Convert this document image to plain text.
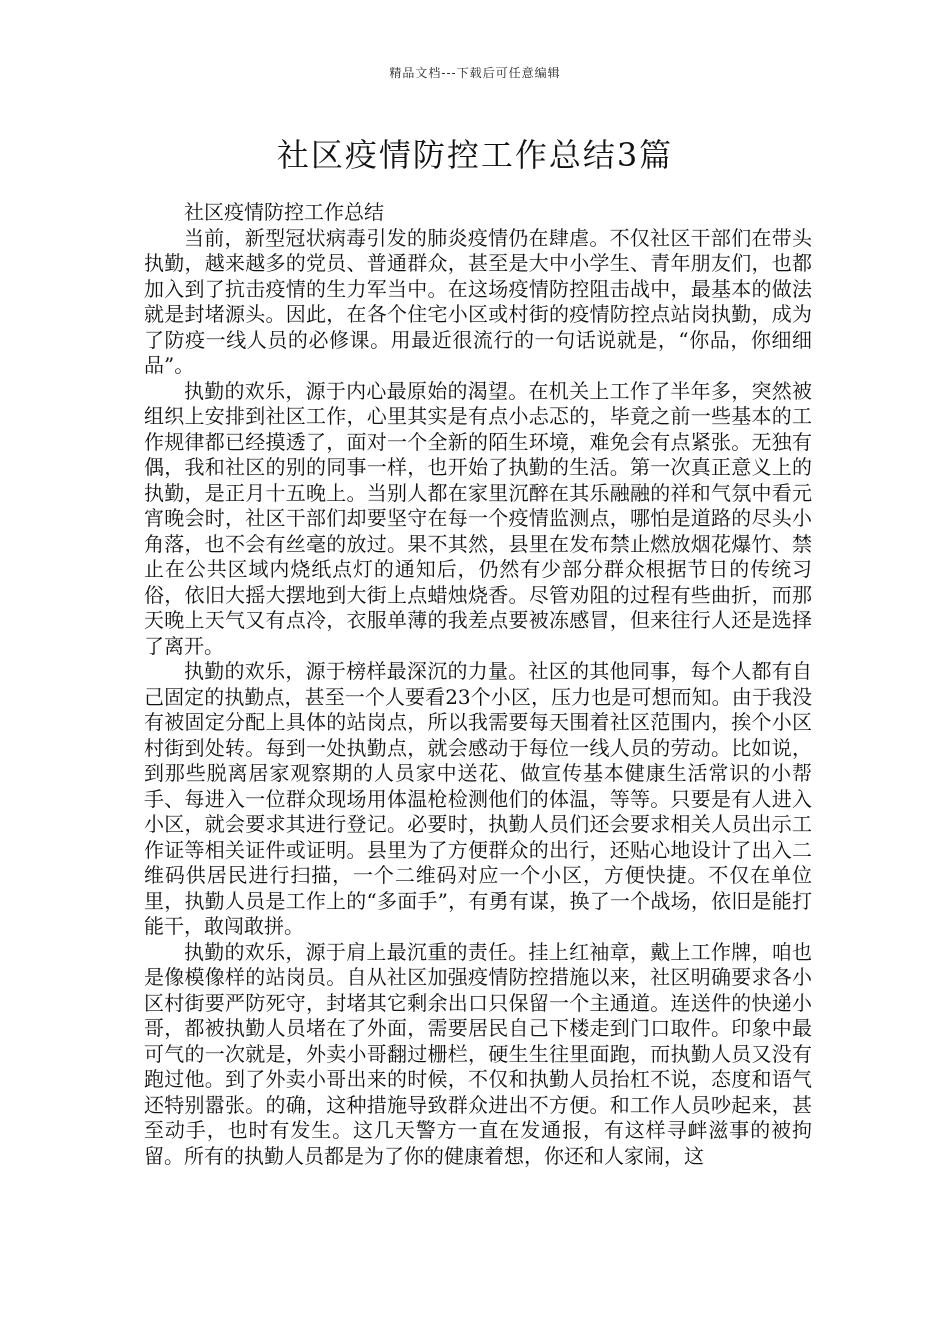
精品文档---下载后可任意编辑
社区疫情防控工作总结3篇

社区疫情防控工作总结

当前，新型冠状病毒引发的肺炎疫情仍在肆虐。不仅社区干部们在带头执勤，越来越多的党员、普通群众，甚至是大中小学生、青年朋友们，也都加入到了抗击疫情的生力军当中。在这场疫情防控阻击战中，最基本的做法就是封堵源头。因此，在各个住宅小区或村街的疫情防控点站岗执勤，成为了防疫一线人员的必修课。用最近很流行的一句话说就是，“你品，你细细品”。

执勤的欢乐，源于内心最原始的渴望。在机关上工作了半年多，突然被组织上安排到社区工作，心里其实是有点小忐忑的，毕竟之前一些基本的工作规律都已经摸透了，面对一个全新的陌生环境，难免会有点紧张。无独有偶，我和社区的别的同事一样，也开始了执勤的生活。第一次真正意义上的执勤，是正月十五晚上。当别人都在家里沉醉在其乐融融的祥和气氛中看元宵晚会时，社区干部们却要坚守在每一个疫情监测点，哪怕是道路的尽头小角落，也不会有丝毫的放过。果不其然，县里在发布禁止燃放烟花爆竹、禁止在公共区域内烧纸点灯的通知后，仍然有少部分群众根据节日的传统习俗，依旧大摇大摆地到大街上点蜡烛烧香。尽管劝阻的过程有些曲折，而那天晚上天气又有点冷，衣服单薄的我差点要被冻感冒，但来往行人还是选择了离开。

执勤的欢乐，源于榜样最深沉的力量。社区的其他同事，每个人都有自己固定的执勤点，甚至一个人要看23个小区，压力也是可想而知。由于我没有被固定分配上具体的站岗点，所以我需要每天围着社区范围内，挨个小区村街到处转。每到一处执勤点，就会感动于每位一线人员的劳动。比如说，到那些脱离居家观察期的人员家中送花、做宣传基本健康生活常识的小帮手、每进入一位群众现场用体温枪检测他们的体温，等等。只要是有人进入小区，就会要求其进行登记。必要时，执勤人员们还会要求相关人员出示工作证等相关证件或证明。县里为了方便群众的出行，还贴心地设计了出入二维码供居民进行扫描，一个二维码对应一个小区，方便快捷。不仅在单位里，执勤人员是工作上的“多面手”，有勇有谋，换了一个战场，依旧是能打能干，敢闯敢拼。

执勤的欢乐，源于肩上最沉重的责任。挂上红袖章，戴上工作牌，咱也是像模像样的站岗员。自从社区加强疫情防控措施以来，社区明确要求各小区村街要严防死守，封堵其它剩余出口只保留一个主通道。连送件的快递小哥，都被执勤人员堵在了外面，需要居民自己下楼走到门口取件。印象中最可气的一次就是，外卖小哥翻过栅栏，硬生生往里面跑，而执勤人员又没有跑过他。到了外卖小哥出来的时候，不仅和执勤人员抬杠不说，态度和语气还特别嚣张。的确，这种措施导致群众进出不方便。和工作人员吵起来，甚至动手，也时有发生。这几天警方一直在发通报，有这样寻衅滋事的被拘留。所有的执勤人员都是为了你的健康着想，你还和人家闹，这
